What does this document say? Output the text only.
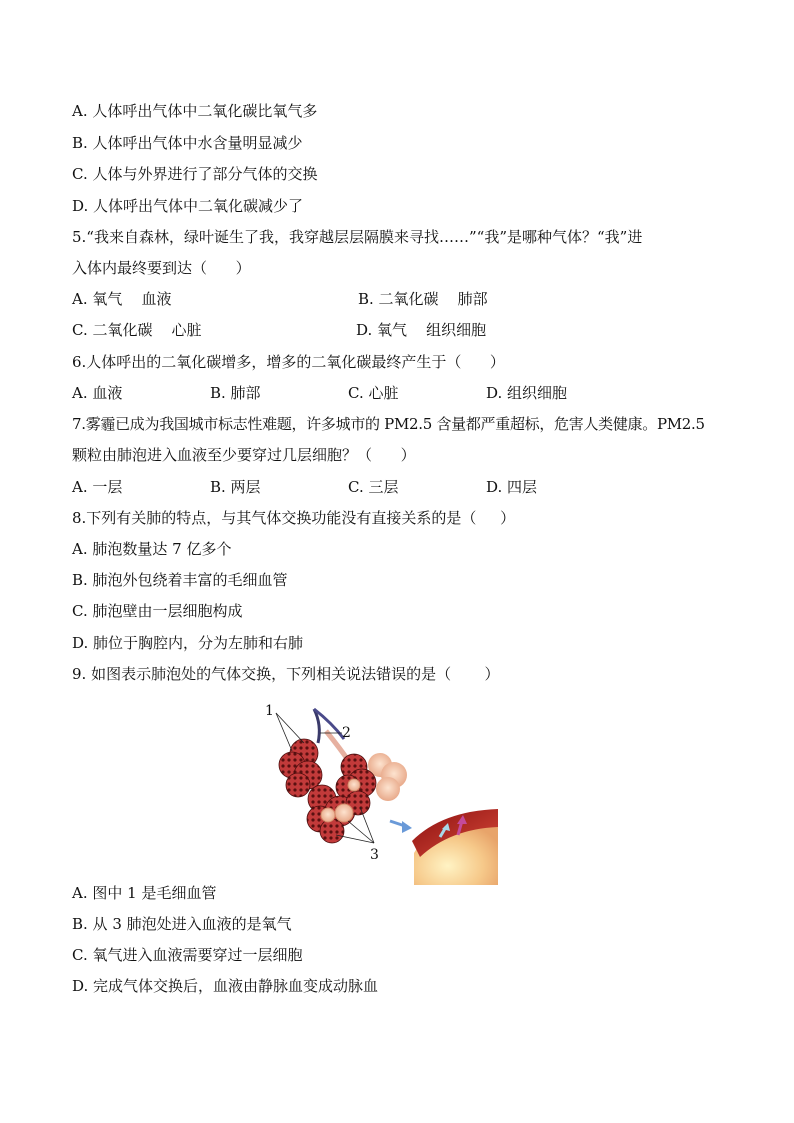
A. 人体呼出气体中二氧化碳比氧气多
B. 人体呼出气体中水含量明显减少
C. 人体与外界进行了部分气体的交换
D. 人体呼出气体中二氧化碳减少了
5.“我来自森林，绿叶诞生了我，我穿越层层隔膜来寻找……”“我”是哪种气体？“我”进
入体内最终要到达（      ）
A. 氧气    血液	B. 二氧化碳    肺部
C. 二氧化碳    心脏	D. 氧气    组织细胞
6.人体呼出的二氧化碳增多，增多的二氧化碳最终产生于（      ）
A. 血液	B. 肺部	C. 心脏	D. 组织细胞
7.雾霾已成为我国城市标志性难题，许多城市的 PM2.5 含量都严重超标，危害人类健康。PM2.5
颗粒由肺泡进入血液至少要穿过几层细胞？（      ）
A. 一层	B. 两层	C. 三层	D. 四层
8.下列有关肺的特点，与其气体交换功能没有直接关系的是（     ）
A. 肺泡数量达 7 亿多个
B. 肺泡外包绕着丰富的毛细血管
C. 肺泡壁由一层细胞构成
D. 肺位于胸腔内，分为左肺和右肺
9. 如图表示肺泡处的气体交换，下列相关说法错误的是（       ）
1
2
3
A. 图中 1 是毛细血管
B. 从 3 肺泡处进入血液的是氧气
C. 氧气进入血液需要穿过一层细胞
D. 完成气体交换后，血液由静脉血变成动脉血
